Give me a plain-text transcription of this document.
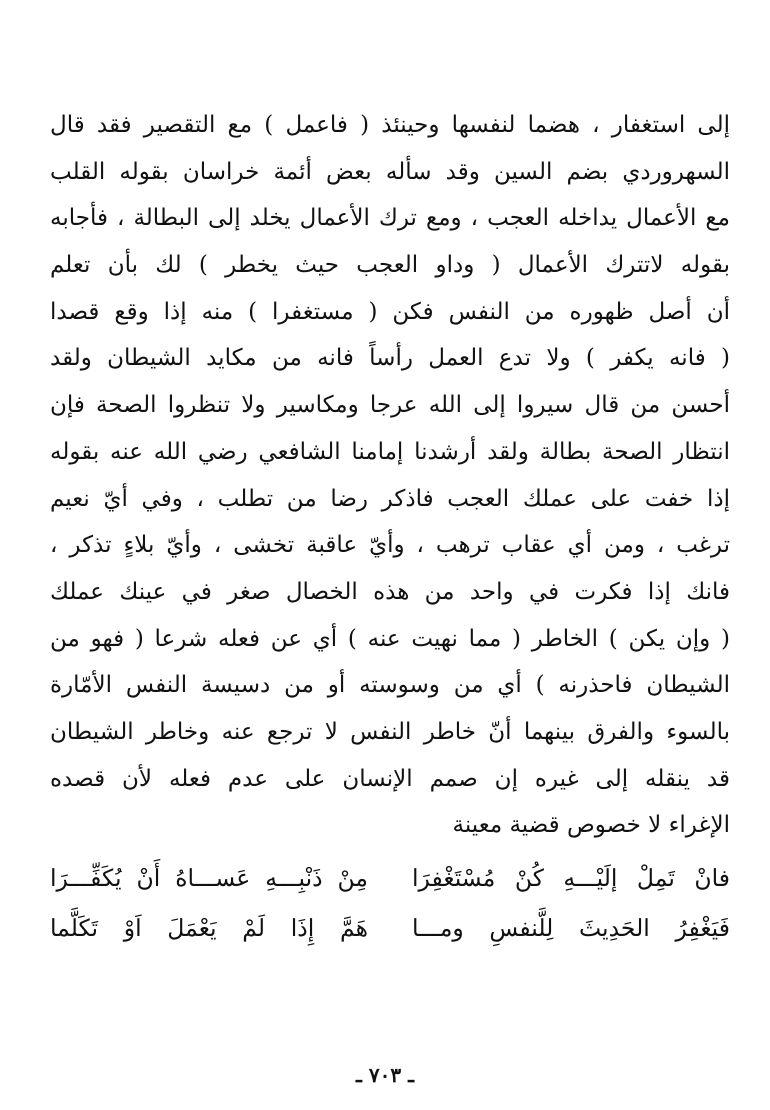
إلى استغفار ، هضما لنفسها وحينئذ ( فاعمل ) مع التقصير فقد قال
السهروردي بضم السين وقد سأله بعض أئمة خراسان بقوله القلب
مع الأعمال يداخله العجب ، ومع ترك الأعمال يخلد إلى البطالة ، فأجابه
بقوله لاتترك الأعمال ( وداو العجب حيث يخطر ) لك بأن تعلم
أن أصل ظهوره من النفس فكن ( مستغفرا ) منه إذا وقع قصدا
( فانه يكفر ) ولا تدع العمل رأساً فانه من مكايد الشيطان ولقد
أحسن من قال سيروا إلى الله عرجا ومكاسير ولا تنظروا الصحة فإن
انتظار الصحة بطالة ولقد أرشدنا إمامنا الشافعي رضي الله عنه بقوله
إذا خفت على عملك العجب فاذكر رضا من تطلب ، وفي أيّ نعيم
ترغب ، ومن أي عقاب ترهب ، وأيّ عاقبة تخشى ، وأيّ بلاءٍ تذكر ،
فانك إذا فكرت في واحد من هذه الخصال صغر في عينك عملك
( وإن يكن ) الخاطر ( مما نهيت عنه ) أي عن فعله شرعا ( فهو من
الشيطان فاحذرنه ) أي من وسوسته أو من دسيسة النفس الأمّارة
بالسوء والفرق بينهما أنّ خاطر النفس لا ترجع عنه وخاطر الشيطان
قد ينقله إلى غيره إن صمم الإنسان على عدم فعله لأن قصده
الإغراء لا خصوص قضية معينة
فانْ تَمِلْ إلَيْـــهِ كُنْ مُسْتَغْفِرَا
مِنْ ذَنْبِـــهِ عَســـاهُ أَنْ يُكَفِّـــرَا
فَيَغْفِرُ الحَدِيثَ لِلَّنفسِ ومـــا
هَمَّ إِذَا لَمْ يَعْمَلَ اَوْ تَكَلَّما
ـ ٧٠٣ ـ
